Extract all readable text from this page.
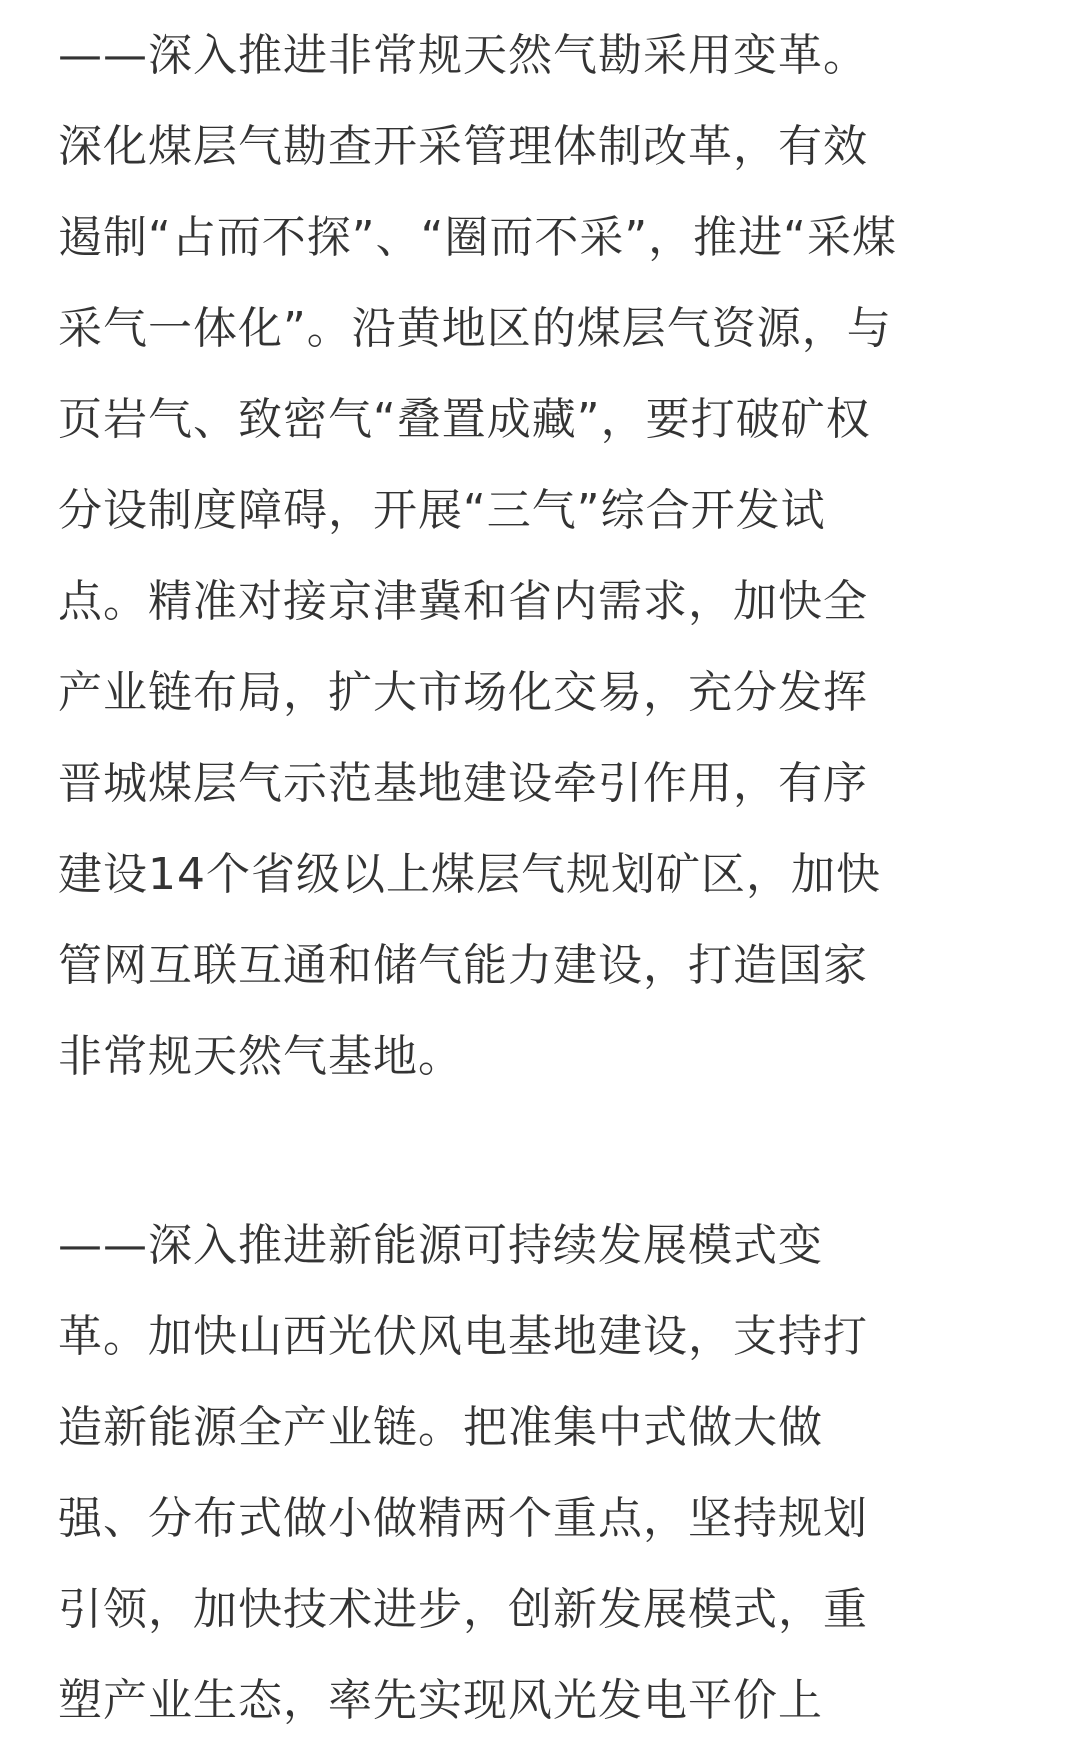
——深入推进非常规天然气勘采用变革。
深化煤层气勘查开采管理体制改革，有效
遏制“占而不探”、“圈而不采”，推进“采煤
采气一体化”。沿黄地区的煤层气资源，与
页岩气、致密气“叠置成藏”，要打破矿权
分设制度障碍，开展“三气”综合开发试
点。精准对接京津冀和省内需求，加快全
产业链布局，扩大市场化交易，充分发挥
晋城煤层气示范基地建设牵引作用，有序
建设14个省级以上煤层气规划矿区，加快
管网互联互通和储气能力建设，打造国家
非常规天然气基地。
——深入推进新能源可持续发展模式变
革。加快山西光伏风电基地建设，支持打
造新能源全产业链。把准集中式做大做
强、分布式做小做精两个重点，坚持规划
引领，加快技术进步，创新发展模式，重
塑产业生态，率先实现风光发电平价上
